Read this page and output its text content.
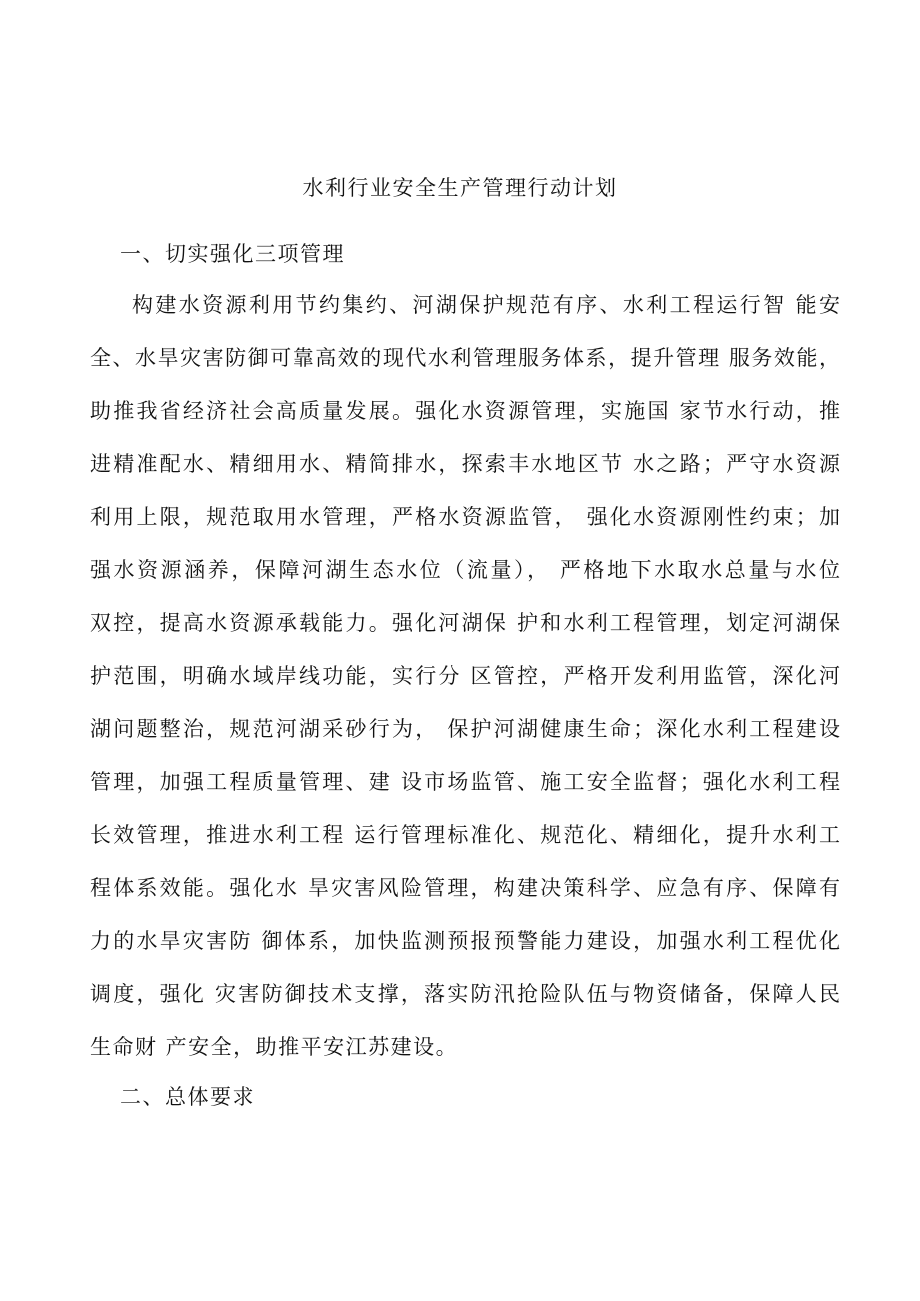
水利行业安全生产管理行动计划
一、切实强化三项管理
构建水资源利用节约集约、河湖保护规范有序、水利工程运行智 能安
全、水旱灾害防御可靠高效的现代水利管理服务体系，提升管理 服务效能，
助推我省经济社会高质量发展。强化水资源管理，实施国 家节水行动，推
进精准配水、精细用水、精简排水，探索丰水地区节 水之路；严守水资源
利用上限，规范取用水管理，严格水资源监管， 强化水资源刚性约束；加
强水资源涵养，保障河湖生态水位（流量）， 严格地下水取水总量与水位
双控，提高水资源承载能力。强化河湖保 护和水利工程管理，划定河湖保
护范围，明确水域岸线功能，实行分 区管控，严格开发利用监管，深化河
湖问题整治，规范河湖采砂行为， 保护河湖健康生命；深化水利工程建设
管理，加强工程质量管理、建 设市场监管、施工安全监督；强化水利工程
长效管理，推进水利工程 运行管理标准化、规范化、精细化，提升水利工
程体系效能。强化水 旱灾害风险管理，构建决策科学、应急有序、保障有
力的水旱灾害防 御体系，加快监测预报预警能力建设，加强水利工程优化
调度，强化 灾害防御技术支撑，落实防汛抢险队伍与物资储备，保障人民
生命财 产安全，助推平安江苏建设。
二、总体要求
